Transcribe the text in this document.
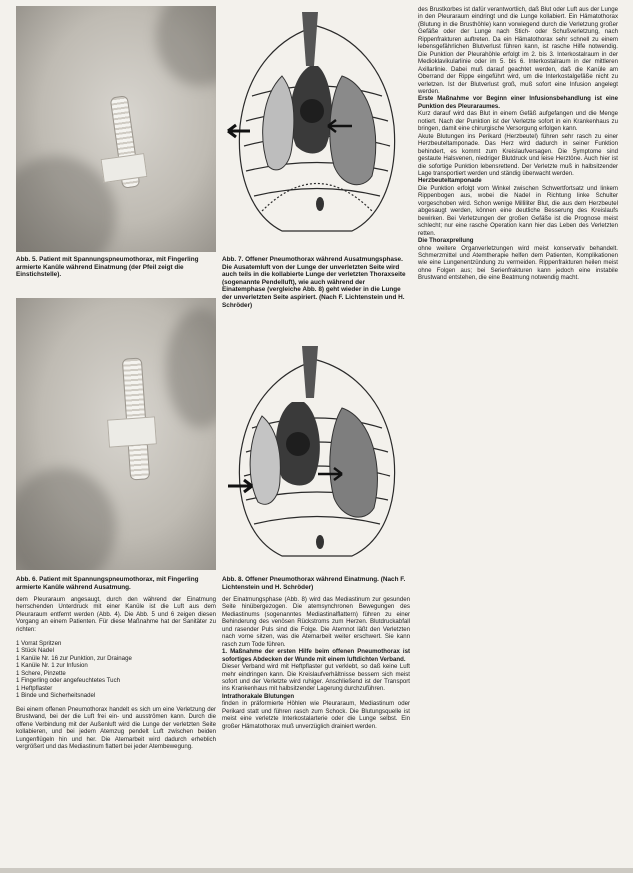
Abb. 5. Patient mit Spannungspneumothorax, mit Fingerling armierte Kanüle während Einatmung (der Pfeil zeigt die Einstichstelle).
Abb. 6. Patient mit Spannungspneumothorax, mit Fingerling armierte Kanüle während Ausatmung.
Abb. 7. Offener Pneumothorax während Ausatmungsphase. Die Ausatemluft von der Lunge der unverletzten Seite wird auch teils in die kollabierte Lunge der verletzten Thoraxseite (sogenannte Pendelluft), wie auch während der Einatemphase (vergleiche Abb. 8) geht wieder in die Lunge der unverletzten Seite aspiriert. (Nach F. Lichtenstein und H. Schröder)
Abb. 8. Offener Pneumothorax während Einatmung. (Nach F. Lichtenstein und H. Schröder)

dem Pleuraraum angesaugt, durch den während der Einatmung herrschenden Unterdruck mit einer Kanüle ist die Luft aus dem Pleuraraum entfernt werden (Abb. 4). Die Abb. 5 und 6 zeigen diesen Vorgang an einem Patienten. Für diese Maßnahme hat der Sanitäter zu richten:

1 Vorrat Spritzen
1 Stück Nadel
1 Kanüle Nr. 16 zur Punktion, zur Drainage
1 Kanüle Nr. 1 zur Infusion
1 Schere, Pinzette
1 Fingerling oder angefeuchtetes Tuch
1 Heftpflaster
1 Binde und Sicherheitsnadel

Bei einem offenen Pneumothorax handelt es sich um eine Verletzung der Brustwand, bei der die Luft frei ein- und ausströmen kann. Durch die offene Verbindung mit der Außenluft wird die Lunge der verletzten Seite kollabieren, und bei jedem Atemzug pendelt Luft zwischen beiden Lungenflügeln hin und her. Die Atemarbeit wird dadurch erheblich vergrößert und das Mediastinum flattert bei jeder Atembewegung.

der Einatmungsphase (Abb. 8) wird das Mediastinum zur gesunden Seite hinübergezogen. Die atemsynchronen Bewegungen des Mediastinums (sogenanntes Mediastinalflattern) führen zu einer Behinderung des venösen Rückstroms zum Herzen. Blutdruckabfall und rasender Puls sind die Folge. Die Atemnot läßt den Verletzten nach vorne sitzen, was die Atemarbeit weiter erschwert. Sie kann rasch zum Tode führen.

1. Maßnahme der ersten Hilfe beim offenen Pneumothorax ist sofortiges Abdecken der Wunde mit einem luftdichten Verband.

Dieser Verband wird mit Heftpflaster gut verklebt, so daß keine Luft mehr eindringen kann. Die Kreislaufverhältnisse bessern sich meist sofort und der Verletzte wird ruhiger. Anschließend ist der Transport ins Krankenhaus mit halbsitzender Lagerung durchzuführen.

Intrathorakale Blutungen

finden in präformierte Höhlen wie Pleuraraum, Mediastinum oder Perikard statt und führen rasch zum Schock. Die Blutungsquelle ist meist eine verletzte Interkostalarterie oder die Lunge selbst. Ein großer Hämatothorax muß unverzüglich drainiert werden.

des Brustkorbes ist dafür verantwortlich, daß Blut oder Luft aus der Lunge in den Pleuraraum eindringt und die Lunge kollabiert. Ein Hämatothorax (Blutung in die Brusthöhle) kann vorwiegend durch die Verletzung großer Gefäße oder der Lunge nach Stich- oder Schußverletzung, nach Rippenfrakturen auftreten. Da ein Hämatothorax sehr schnell zu einem lebensgefährlichen Blutverlust führen kann, ist rasche Hilfe notwendig. Die Punktion der Pleurahöhle erfolgt im 2. bis 3. Interkostalraum in der Medioklavikularlinie oder im 5. bis 6. Interkostalraum in der mittleren Axillarlinie. Dabei muß darauf geachtet werden, daß die Kanüle am Oberrand der Rippe eingeführt wird, um die Interkostalgefäße nicht zu verletzen. Ist der Blutverlust groß, muß sofort eine Infusion angelegt werden.

Erste Maßnahme vor Beginn einer Infusionsbehandlung ist eine Punktion des Pleuraraumes.

Kurz darauf wird das Blut in einem Gefäß aufgefangen und die Menge notiert. Nach der Punktion ist der Verletzte sofort in ein Krankenhaus zu bringen, damit eine chirurgische Versorgung erfolgen kann.

Akute Blutungen ins Perikard (Herzbeutel) führen sehr rasch zu einer Herzbeuteltamponade. Das Herz wird dadurch in seiner Funktion behindert, es kommt zum Kreislaufversagen. Die Symptome sind gestaute Halsvenen, niedriger Blutdruck und leise Herztöne. Auch hier ist die sofortige Punktion lebensrettend. Der Verletzte muß in halbsitzender Lage transportiert werden und ständig überwacht werden.

Herzbeuteltamponade

Die Punktion erfolgt vom Winkel zwischen Schwertfortsatz und linkem Rippenbogen aus, wobei die Nadel in Richtung linke Schulter vorgeschoben wird. Schon wenige Milliliter Blut, die aus dem Herzbeutel abgesaugt werden, können eine deutliche Besserung des Kreislaufs bewirken. Bei Verletzungen der großen Gefäße ist die Prognose meist schlecht; nur eine rasche Operation kann hier das Leben des Verletzten retten.

Die Thoraxprellung

ohne weitere Organverletzungen wird meist konservativ behandelt. Schmerzmittel und Atemtherapie helfen dem Patienten, Komplikationen wie eine Lungenentzündung zu vermeiden. Rippenfrakturen heilen meist ohne Folgen aus; bei Serienfrakturen kann jedoch eine instabile Brustwand entstehen, die eine Beatmung notwendig macht.
